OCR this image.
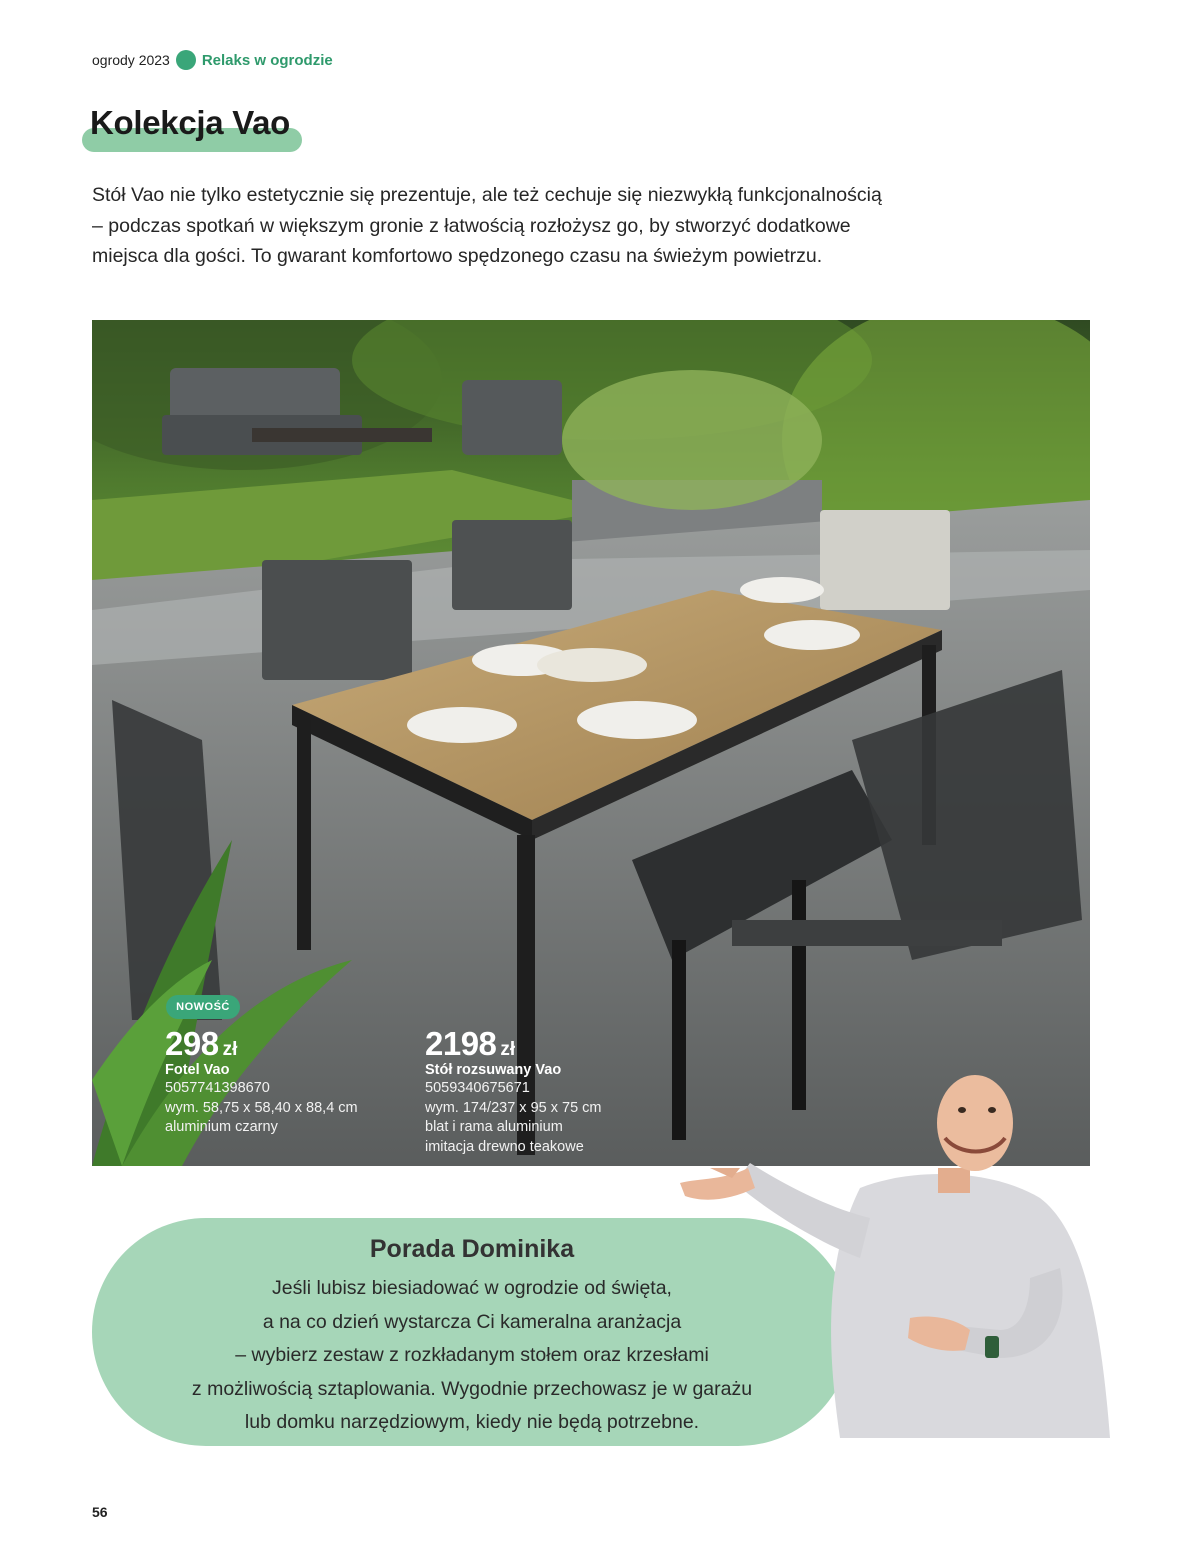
ogrody 2023 Relaks w ogrodzie
Kolekcja Vao
Stół Vao nie tylko estetycznie się prezentuje, ale też cechuje się niezwykłą funkcjonalnością
– podczas spotkań w większym gronie z łatwością rozłożysz go, by stworzyć dodatkowe
miejsca dla gości. To gwarant komfortowo spędzonego czasu na świeżym powietrzu.
NOWOŚĆ
298 zł
Fotel Vao
5057741398670
wym. 58,75 x 58,40 x 88,4 cm
aluminium czarny
2198 zł
Stół rozsuwany Vao
5059340675671
wym. 174/237 x 95 x 75 cm
blat i rama aluminium
imitacja drewno teakowe
Porada Dominika
Jeśli lubisz biesiadować w ogrodzie od święta,
a na co dzień wystarcza Ci kameralna aranżacja
– wybierz zestaw z rozkładanym stołem oraz krzesłami
z możliwością sztaplowania. Wygodnie przechowasz je w garażu
lub domku narzędziowym, kiedy nie będą potrzebne.
56
